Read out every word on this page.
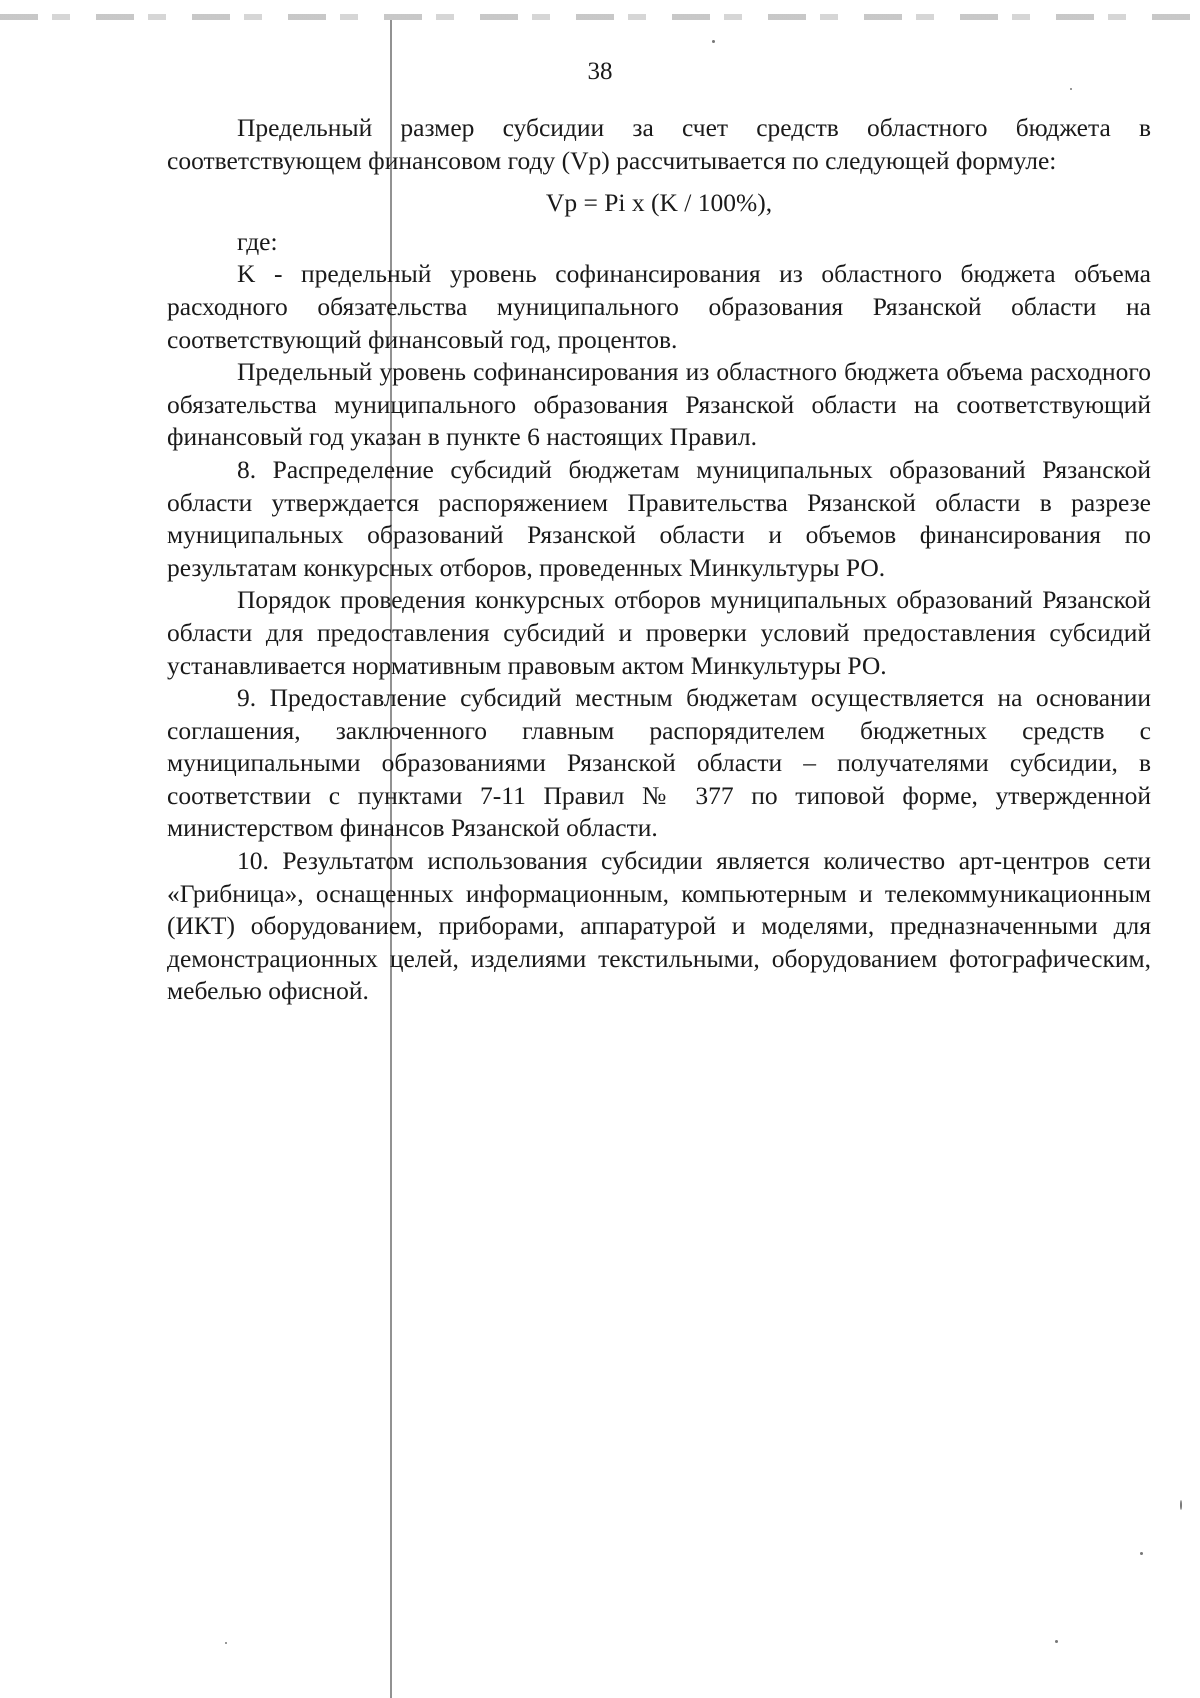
38

Предельный размер субсидии за счет средств областного бюджета в соответствующем финансовом году (Vp) рассчитывается по следующей формуле:

Vp = Pi x (K / 100%),

где:

K - предельный уровень софинансирования из областного бюджета объема расходного обязательства муниципального образования Рязанской области на соответствующий финансовый год, процентов.

Предельный уровень софинансирования из областного бюджета объема расходного обязательства муниципального образования Рязанской области на соответствующий финансовый год указан в пункте 6 настоящих Правил.

8. Распределение субсидий бюджетам муниципальных образований Рязанской области утверждается распоряжением Правительства Рязанской области в разрезе муниципальных образований Рязанской области и объемов финансирования по результатам конкурсных отборов, проведенных Минкультуры РО.

Порядок проведения конкурсных отборов муниципальных образований Рязанской области для предоставления субсидий и проверки условий предоставления субсидий устанавливается нормативным правовым актом Минкультуры РО.

9. Предоставление субсидий местным бюджетам осуществляется на основании соглашения, заключенного главным распорядителем бюджетных средств с муниципальными образованиями Рязанской области – получателями субсидии, в соответствии с пунктами 7-11 Правил № 377 по типовой форме, утвержденной министерством финансов Рязанской области.

10. Результатом использования субсидии является количество арт-центров сети «Грибница», оснащенных информационным, компьютерным и телекоммуникационным (ИКТ) оборудованием, приборами, аппаратурой и моделями, предназначенными для демонстрационных целей, изделиями текстильными, оборудованием фотографическим, мебелью офисной.
